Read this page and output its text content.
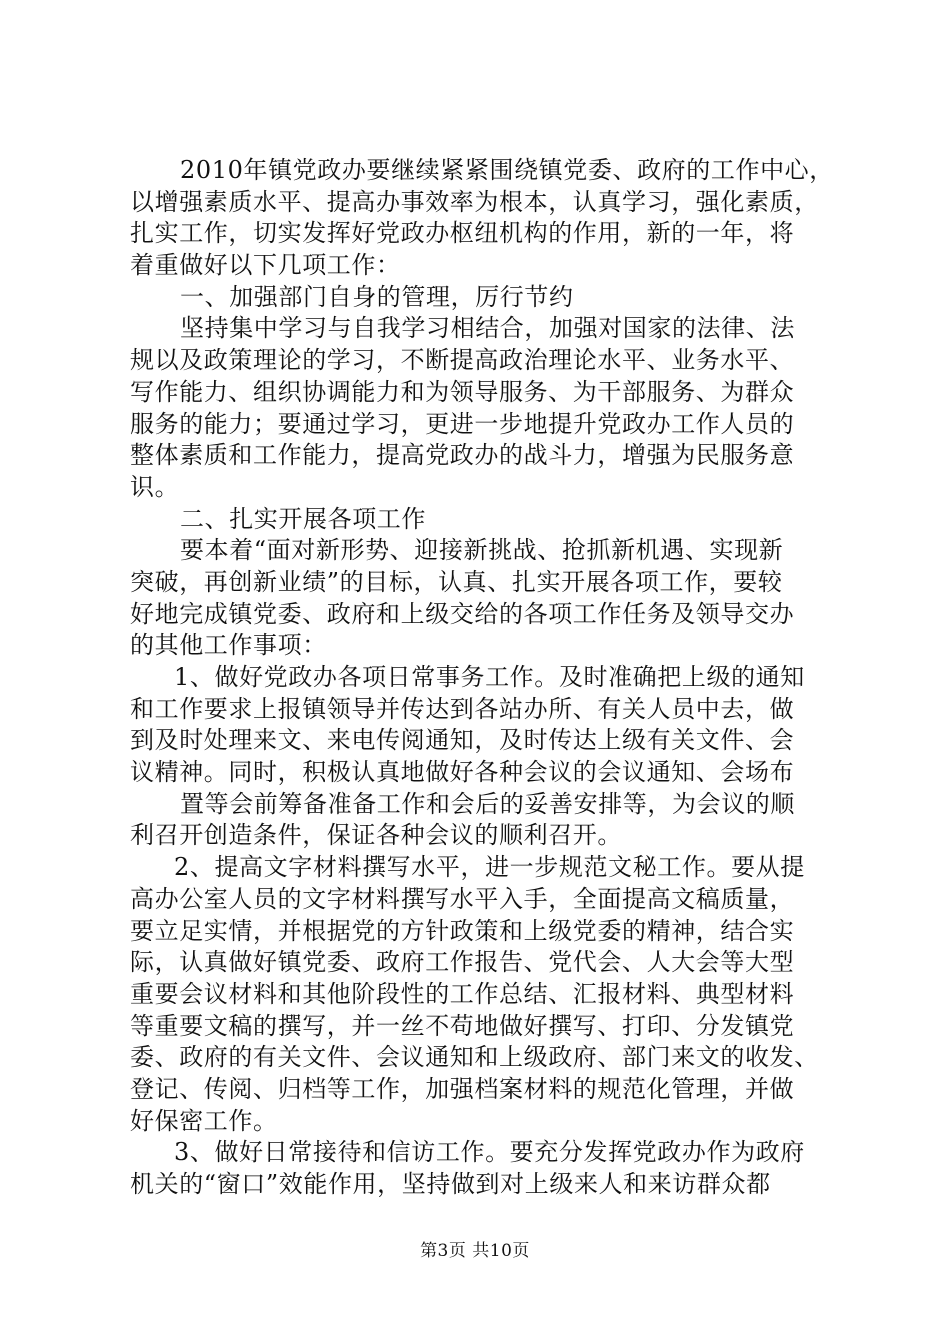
2010年镇党政办要继续紧紧围绕镇党委、政府的工作中心，
以增强素质水平、提高办事效率为根本，认真学习，强化素质，
扎实工作，切实发挥好党政办枢纽机构的作用，新的一年，将
着重做好以下几项工作：
一、加强部门自身的管理，厉行节约
坚持集中学习与自我学习相结合，加强对国家的法律、法
规以及政策理论的学习，不断提高政治理论水平、业务水平、
写作能力、组织协调能力和为领导服务、为干部服务、为群众
服务的能力；要通过学习，更进一步地提升党政办工作人员的
整体素质和工作能力，提高党政办的战斗力，增强为民服务意
识。
二、扎实开展各项工作
要本着“面对新形势、迎接新挑战、抢抓新机遇、实现新
突破，再创新业绩”的目标，认真、扎实开展各项工作，要较
好地完成镇党委、政府和上级交给的各项工作任务及领导交办
的其他工作事项：
1、做好党政办各项日常事务工作。及时准确把上级的通知
和工作要求上报镇领导并传达到各站办所、有关人员中去，做
到及时处理来文、来电传阅通知，及时传达上级有关文件、会
议精神。同时，积极认真地做好各种会议的会议通知、会场布
置等会前筹备准备工作和会后的妥善安排等，为会议的顺
利召开创造条件，保证各种会议的顺利召开。
2、提高文字材料撰写水平，进一步规范文秘工作。要从提
高办公室人员的文字材料撰写水平入手，全面提高文稿质量，
要立足实情，并根据党的方针政策和上级党委的精神，结合实
际，认真做好镇党委、政府工作报告、党代会、人大会等大型
重要会议材料和其他阶段性的工作总结、汇报材料、典型材料
等重要文稿的撰写，并一丝不苟地做好撰写、打印、分发镇党
委、政府的有关文件、会议通知和上级政府、部门来文的收发、
登记、传阅、归档等工作，加强档案材料的规范化管理，并做
好保密工作。
3、做好日常接待和信访工作。要充分发挥党政办作为政府
机关的“窗口”效能作用，坚持做到对上级来人和来访群众都
第3页 共10页
